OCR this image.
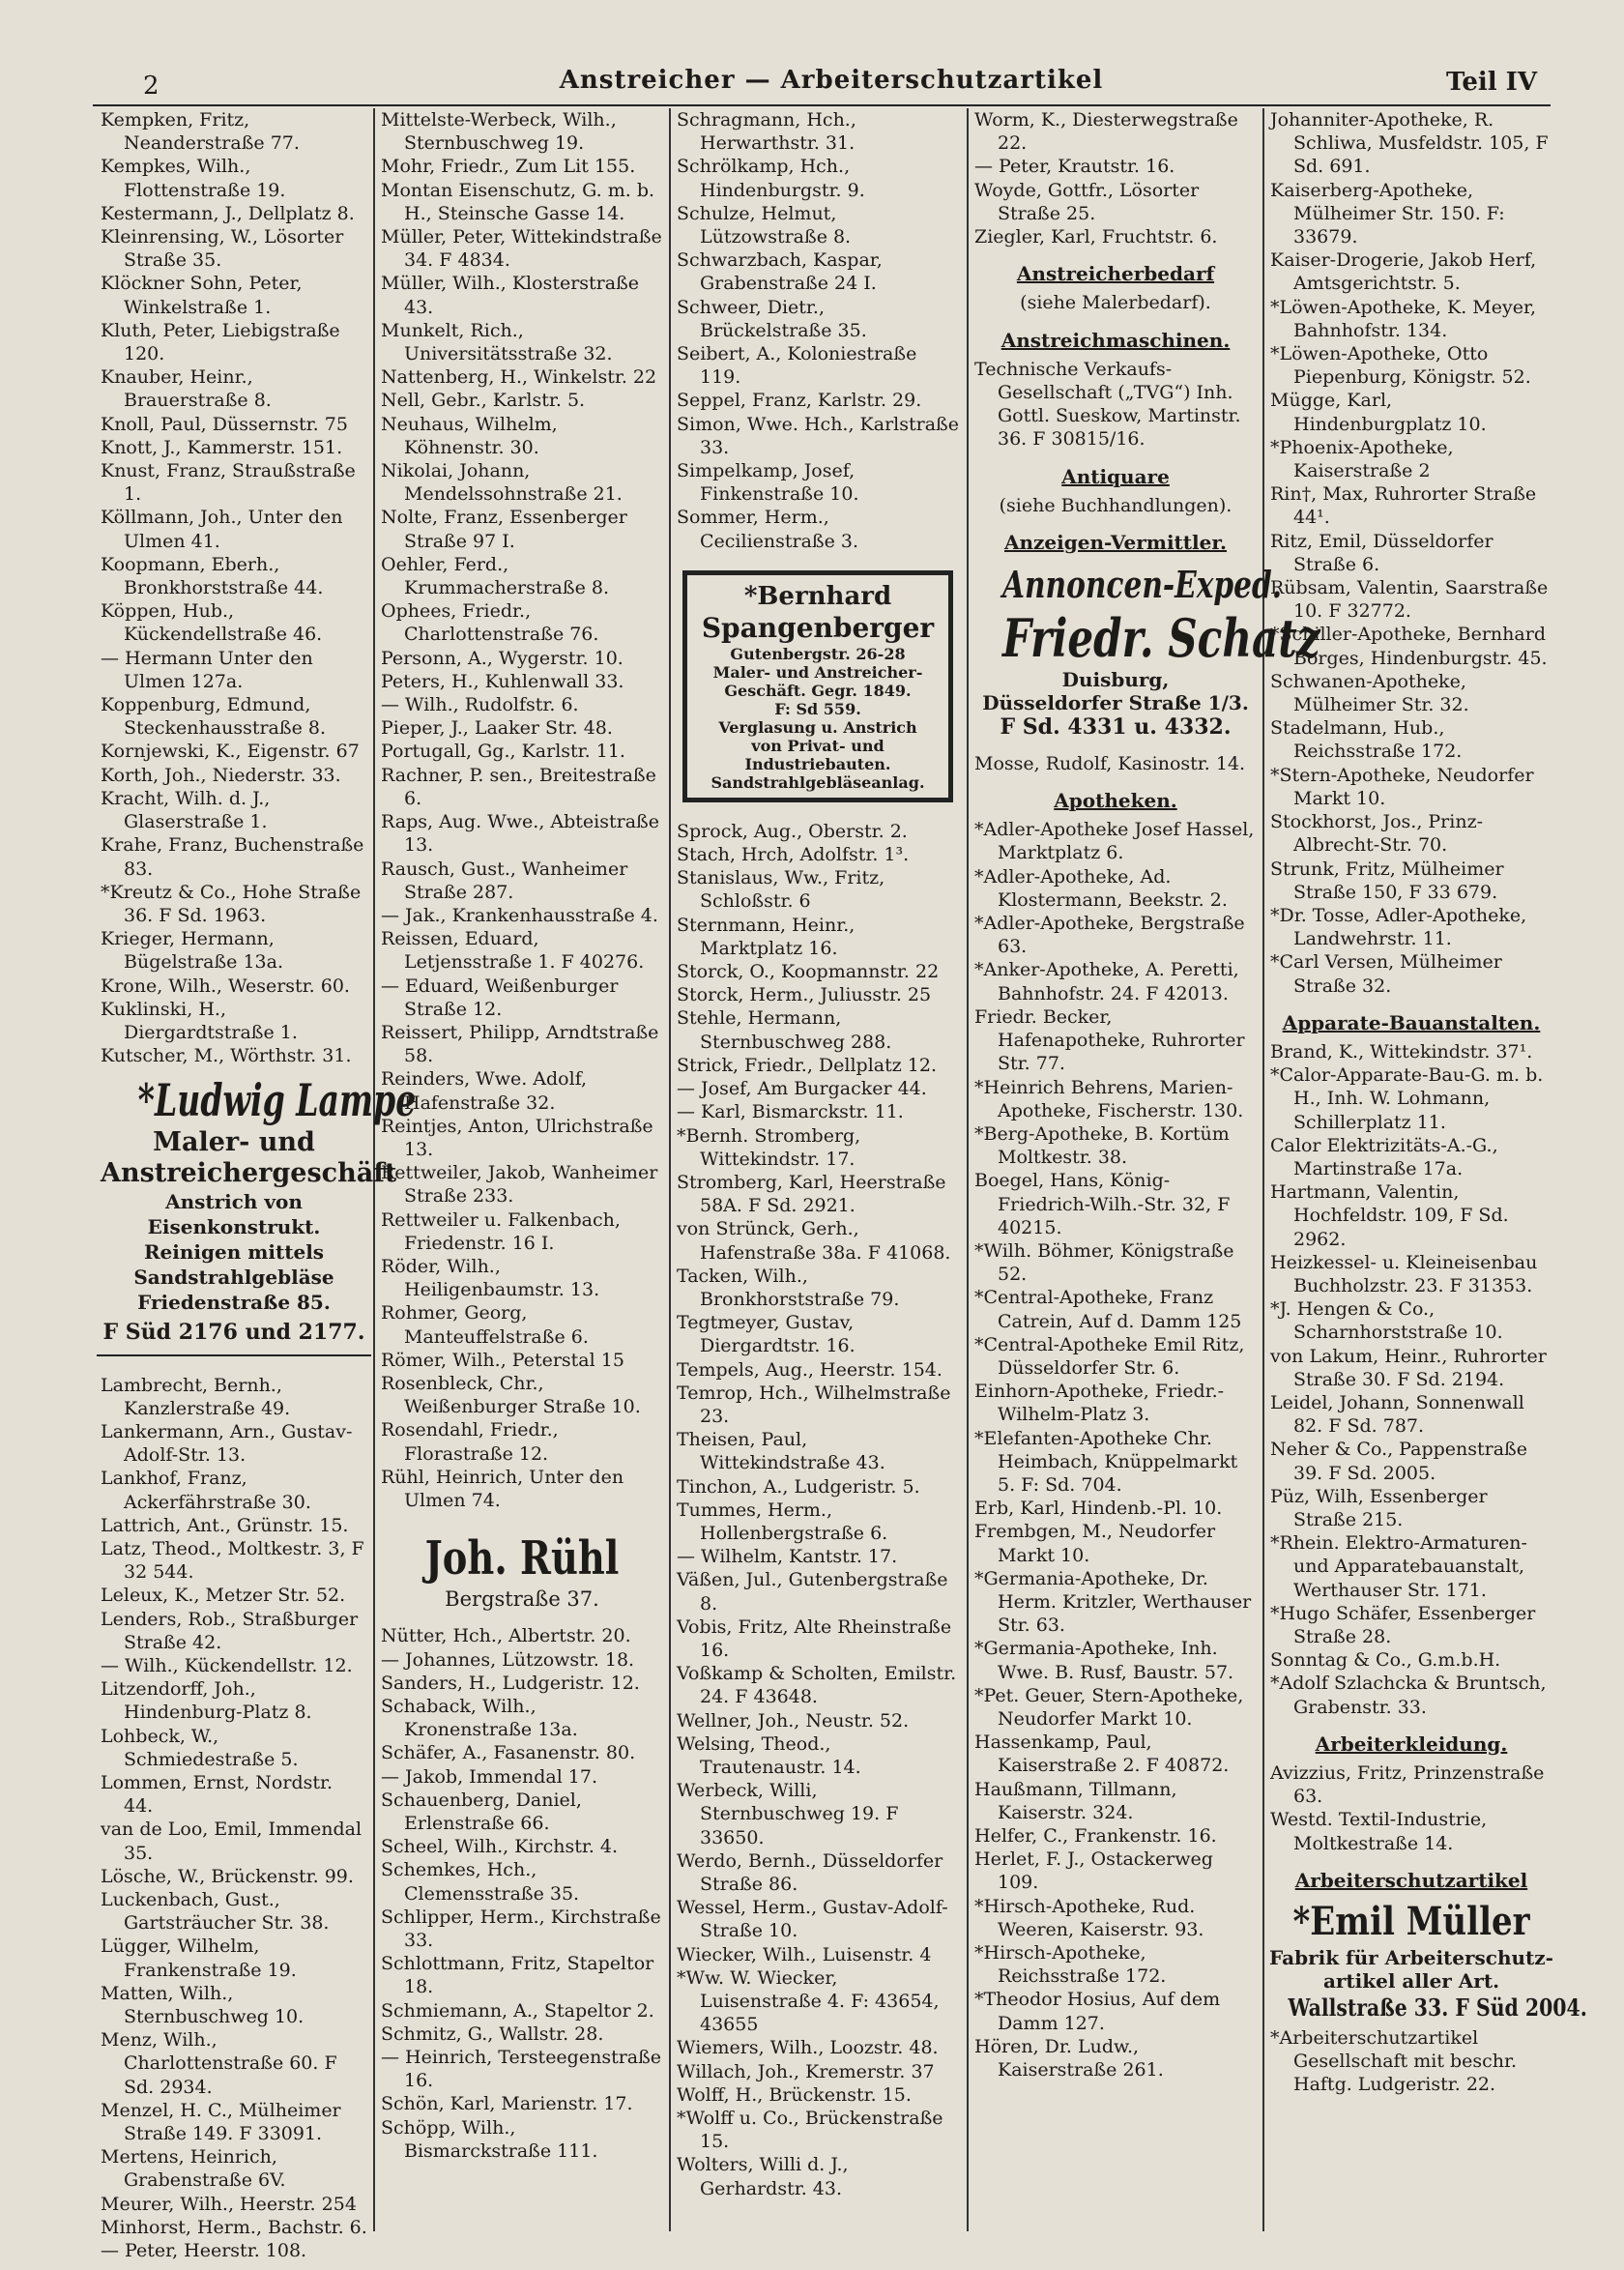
2	Anstreicher — Arbeiterschutzartikel	Teil IV
Kempken, Fritz, Neanderstraße 77.
Kempkes, Wilh., Flottenstraße 19.
Kestermann, J., Dellplatz 8.
Kleinrensing, W., Lösorter Straße 35.
Klöckner Sohn, Peter, Winkelstraße 1.
Kluth, Peter, Liebigstraße 120.
Knauber, Heinr., Brauerstraße 8.
Knoll, Paul, Düssernstr. 75
Knott, J., Kammerstr. 151.
Knust, Franz, Straußstraße 1.
Köllmann, Joh., Unter den Ulmen 41.
Koopmann, Eberh., Bronkhorststraße 44.
Köppen, Hub., Kückendellstraße 46.
— Hermann Unter den Ulmen 127a.
Koppenburg, Edmund, Steckenhausstraße 8.
Kornjewski, K., Eigenstr. 67
Korth, Joh., Niederstr. 33.
Kracht, Wilh. d. J., Glaserstraße 1.
Krahe, Franz, Buchenstraße 83.
*Kreutz & Co., Hohe Straße 36. F Sd. 1963.
Krieger, Hermann, Bügelstraße 13a.
Krone, Wilh., Weserstr. 60.
Kuklinski, H., Diergardtstraße 1.
Kutscher, M., Wörthstr. 31.
*Ludwig Lampe
Maler- und
Anstreichergeschäft
Anstrich von Eisenkonstrukt.
Reinigen mittels Sandstrahlgebläse
Friedenstraße 85.
F Süd 2176 und 2177.
Lambrecht, Bernh., Kanzlerstraße 49.
Lankermann, Arn., Gustav-Adolf-Str. 13.
Lankhof, Franz, Ackerfährstraße 30.
Lattrich, Ant., Grünstr. 15.
Latz, Theod., Moltkestr. 3, F 32 544.
Leleux, K., Metzer Str. 52.
Lenders, Rob., Straßburger Straße 42.
— Wilh., Kückendellstr. 12.
Litzendorff, Joh., Hindenburg-Platz 8.
Lohbeck, W., Schmiedestraße 5.
Lommen, Ernst, Nordstr. 44.
van de Loo, Emil, Immendal 35.
Lösche, W., Brückenstr. 99.
Luckenbach, Gust., Gartsträucher Str. 38.
Lügger, Wilhelm, Frankenstraße 19.
Matten, Wilh., Sternbuschweg 10.
Menz, Wilh., Charlottenstraße 60. F Sd. 2934.
Menzel, H. C., Mülheimer Straße 149. F 33091.
Mertens, Heinrich, Grabenstraße 6V.
Meurer, Wilh., Heerstr. 254
Minhorst, Herm., Bachstr. 6.
— Peter, Heerstr. 108.
Mittelste-Werbeck, Wilh., Sternbuschweg 19.
Mohr, Friedr., Zum Lit 155.
Montan Eisenschutz, G. m. b. H., Steinsche Gasse 14.
Müller, Peter, Wittekindstraße 34. F 4834.
Müller, Wilh., Klosterstraße 43.
Munkelt, Rich., Universitätsstraße 32.
Nattenberg, H., Winkelstr. 22
Nell, Gebr., Karlstr. 5.
Neuhaus, Wilhelm, Köhnenstr. 30.
Nikolai, Johann, Mendelssohnstraße 21.
Nolte, Franz, Essenberger Straße 97 I.
Oehler, Ferd., Krummacherstraße 8.
Ophees, Friedr., Charlottenstraße 76.
Personn, A., Wygerstr. 10.
Peters, H., Kuhlenwall 33.
— Wilh., Rudolfstr. 6.
Pieper, J., Laaker Str. 48.
Portugall, Gg., Karlstr. 11.
Rachner, P. sen., Breitestraße 6.
Raps, Aug. Wwe., Abteistraße 13.
Rausch, Gust., Wanheimer Straße 287.
— Jak., Krankenhausstraße 4.
Reissen, Eduard, Letjensstraße 1. F 40276.
— Eduard, Weißenburger Straße 12.
Reissert, Philipp, Arndtstraße 58.
Reinders, Wwe. Adolf, Hafenstraße 32.
Reintjes, Anton, Ulrichstraße 13.
Rettweiler, Jakob, Wanheimer Straße 233.
Rettweiler u. Falkenbach, Friedenstr. 16 I.
Röder, Wilh., Heiligenbaumstr. 13.
Rohmer, Georg, Manteuffelstraße 6.
Römer, Wilh., Peterstal 15
Rosenbleck, Chr., Weißenburger Straße 10.
Rosendahl, Friedr., Florastraße 12.
Rühl, Heinrich, Unter den Ulmen 74.
Joh. Rühl
Bergstraße 37.
Nütter, Hch., Albertstr. 20.
— Johannes, Lützowstr. 18.
Sanders, H., Ludgeristr. 12.
Schaback, Wilh., Kronenstraße 13a.
Schäfer, A., Fasanenstr. 80.
— Jakob, Immendal 17.
Schauenberg, Daniel, Erlenstraße 66.
Scheel, Wilh., Kirchstr. 4.
Schemkes, Hch., Clemensstraße 35.
Schlipper, Herm., Kirchstraße 33.
Schlottmann, Fritz, Stapeltor 18.
Schmiemann, A., Stapeltor 2.
Schmitz, G., Wallstr. 28.
— Heinrich, Tersteegenstraße 16.
Schön, Karl, Marienstr. 17.
Schöpp, Wilh., Bismarckstraße 111.
Schragmann, Hch., Herwarthstr. 31.
Schrölkamp, Hch., Hindenburgstr. 9.
Schulze, Helmut, Lützowstraße 8.
Schwarzbach, Kaspar, Grabenstraße 24 I.
Schweer, Dietr., Brückelstraße 35.
Seibert, A., Koloniestraße 119.
Seppel, Franz, Karlstr. 29.
Simon, Wwe. Hch., Karlstraße 33.
Simpelkamp, Josef, Finkenstraße 10.
Sommer, Herm., Cecilienstraße 3.
*Bernhard
Spangenberger
Gutenbergstr. 26-28
Maler- und Anstreicher-
Geschäft. Gegr. 1849.
F: Sd 559.
Verglasung u. Anstrich
von Privat- und
Industriebauten.
Sandstrahlgebläseanlag.
Sprock, Aug., Oberstr. 2.
Stach, Hrch, Adolfstr. 1³.
Stanislaus, Ww., Fritz, Schloßstr. 6
Sternmann, Heinr., Marktplatz 16.
Storck, O., Koopmannstr. 22
Storck, Herm., Juliusstr. 25
Stehle, Hermann, Sternbuschweg 288.
Strick, Friedr., Dellplatz 12.
— Josef, Am Burgacker 44.
— Karl, Bismarckstr. 11.
*Bernh. Stromberg, Wittekindstr. 17.
Stromberg, Karl, Heerstraße 58A. F Sd. 2921.
von Strünck, Gerh., Hafenstraße 38a. F 41068.
Tacken, Wilh., Bronkhorststraße 79.
Tegtmeyer, Gustav, Diergardtstr. 16.
Tempels, Aug., Heerstr. 154.
Temrop, Hch., Wilhelmstraße 23.
Theisen, Paul, Wittekindstraße 43.
Tinchon, A., Ludgeristr. 5.
Tummes, Herm., Hollenbergstraße 6.
— Wilhelm, Kantstr. 17.
Väßen, Jul., Gutenbergstraße 8.
Vobis, Fritz, Alte Rheinstraße 16.
Voßkamp & Scholten, Emilstr. 24. F 43648.
Wellner, Joh., Neustr. 52.
Welsing, Theod., Trautenaustr. 14.
Werbeck, Willi, Sternbuschweg 19. F 33650.
Werdo, Bernh., Düsseldorfer Straße 86.
Wessel, Herm., Gustav-Adolf-Straße 10.
Wiecker, Wilh., Luisenstr. 4
*Ww. W. Wiecker, Luisenstraße 4. F: 43654, 43655
Wiemers, Wilh., Loozstr. 48.
Willach, Joh., Kremerstr. 37
Wolff, H., Brückenstr. 15.
*Wolff u. Co., Brückenstraße 15.
Wolters, Willi d. J., Gerhardstr. 43.
Worm, K., Diesterwegstraße 22.
— Peter, Krautstr. 16.
Woyde, Gottfr., Lösorter Straße 25.
Ziegler, Karl, Fruchtstr. 6.
Anstreicherbedarf
(siehe Malerbedarf).
Anstreichmaschinen.
Technische Verkaufs-Gesellschaft („TVG“) Inh. Gottl. Sueskow, Martinstr. 36. F 30815/16.
Antiquare
(siehe Buchhandlungen).
Anzeigen-Vermittler.
Annoncen-Exped.
Friedr. Schatz
Duisburg,
Düsseldorfer Straße 1/3.
F Sd. 4331 u. 4332.
Mosse, Rudolf, Kasinostr. 14.
Apotheken.
*Adler-Apotheke Josef Hassel, Marktplatz 6.
*Adler-Apotheke, Ad. Klostermann, Beekstr. 2.
*Adler-Apotheke, Bergstraße 63.
*Anker-Apotheke, A. Peretti, Bahnhofstr. 24. F 42013.
Friedr. Becker, Hafenapotheke, Ruhrorter Str. 77.
*Heinrich Behrens, Marien-Apotheke, Fischerstr. 130.
*Berg-Apotheke, B. Kortüm Moltkestr. 38.
Boegel, Hans, König-Friedrich-Wilh.-Str. 32, F 40215.
*Wilh. Böhmer, Königstraße 52.
*Central-Apotheke, Franz Catrein, Auf d. Damm 125
*Central-Apotheke Emil Ritz, Düsseldorfer Str. 6.
Einhorn-Apotheke, Friedr.-Wilhelm-Platz 3.
*Elefanten-Apotheke Chr. Heimbach, Knüppelmarkt 5. F: Sd. 704.
Erb, Karl, Hindenb.-Pl. 10.
Frembgen, M., Neudorfer Markt 10.
*Germania-Apotheke, Dr. Herm. Kritzler, Werthauser Str. 63.
*Germania-Apotheke, Inh. Wwe. B. Rusf, Baustr. 57.
*Pet. Geuer, Stern-Apotheke, Neudorfer Markt 10.
Hassenkamp, Paul, Kaiserstraße 2. F 40872.
Haußmann, Tillmann, Kaiserstr. 324.
Helfer, C., Frankenstr. 16.
Herlet, F. J., Ostackerweg 109.
*Hirsch-Apotheke, Rud. Weeren, Kaiserstr. 93.
*Hirsch-Apotheke, Reichsstraße 172.
*Theodor Hosius, Auf dem Damm 127.
Hören, Dr. Ludw., Kaiserstraße 261.
Johanniter-Apotheke, R. Schliwa, Musfeldstr. 105, F Sd. 691.
Kaiserberg-Apotheke, Mülheimer Str. 150. F: 33679.
Kaiser-Drogerie, Jakob Herf, Amtsgerichtstr. 5.
*Löwen-Apotheke, K. Meyer, Bahnhofstr. 134.
*Löwen-Apotheke, Otto Piepenburg, Königstr. 52.
Mügge, Karl, Hindenburgplatz 10.
*Phoenix-Apotheke, Kaiserstraße 2
Rin†, Max, Ruhrorter Straße 44¹.
Ritz, Emil, Düsseldorfer Straße 6.
Rübsam, Valentin, Saarstraße 10. F 32772.
*Schiller-Apotheke, Bernhard Borges, Hindenburgstr. 45.
Schwanen-Apotheke, Mülheimer Str. 32.
Stadelmann, Hub., Reichsstraße 172.
*Stern-Apotheke, Neudorfer Markt 10.
Stockhorst, Jos., Prinz-Albrecht-Str. 70.
Strunk, Fritz, Mülheimer Straße 150, F 33 679.
*Dr. Tosse, Adler-Apotheke, Landwehrstr. 11.
*Carl Versen, Mülheimer Straße 32.
Apparate-Bauanstalten.
Brand, K., Wittekindstr. 37¹.
*Calor-Apparate-Bau-G. m. b. H., Inh. W. Lohmann, Schillerplatz 11.
Calor Elektrizitäts-A.-G., Martinstraße 17a.
Hartmann, Valentin, Hochfeldstr. 109, F Sd. 2962.
Heizkessel- u. Kleineisenbau Buchholzstr. 23. F 31353.
*J. Hengen & Co., Scharnhorststraße 10.
von Lakum, Heinr., Ruhrorter Straße 30. F Sd. 2194.
Leidel, Johann, Sonnenwall 82. F Sd. 787.
Neher & Co., Pappenstraße 39. F Sd. 2005.
Püz, Wilh, Essenberger Straße 215.
*Rhein. Elektro-Armaturen- und Apparatebauanstalt, Werthauser Str. 171.
*Hugo Schäfer, Essenberger Straße 28.
Sonntag & Co., G.m.b.H.
*Adolf Szlachcka & Bruntsch, Grabenstr. 33.
Arbeiterkleidung.
Avizzius, Fritz, Prinzenstraße 63.
Westd. Textil-Industrie, Moltkestraße 14.
Arbeiterschutzartikel
*Emil Müller
Fabrik für Arbeiterschutz-
artikel aller Art.
Wallstraße 33. F Süd 2004.
*Arbeiterschutzartikel Gesellschaft mit beschr. Haftg. Ludgeristr. 22.
